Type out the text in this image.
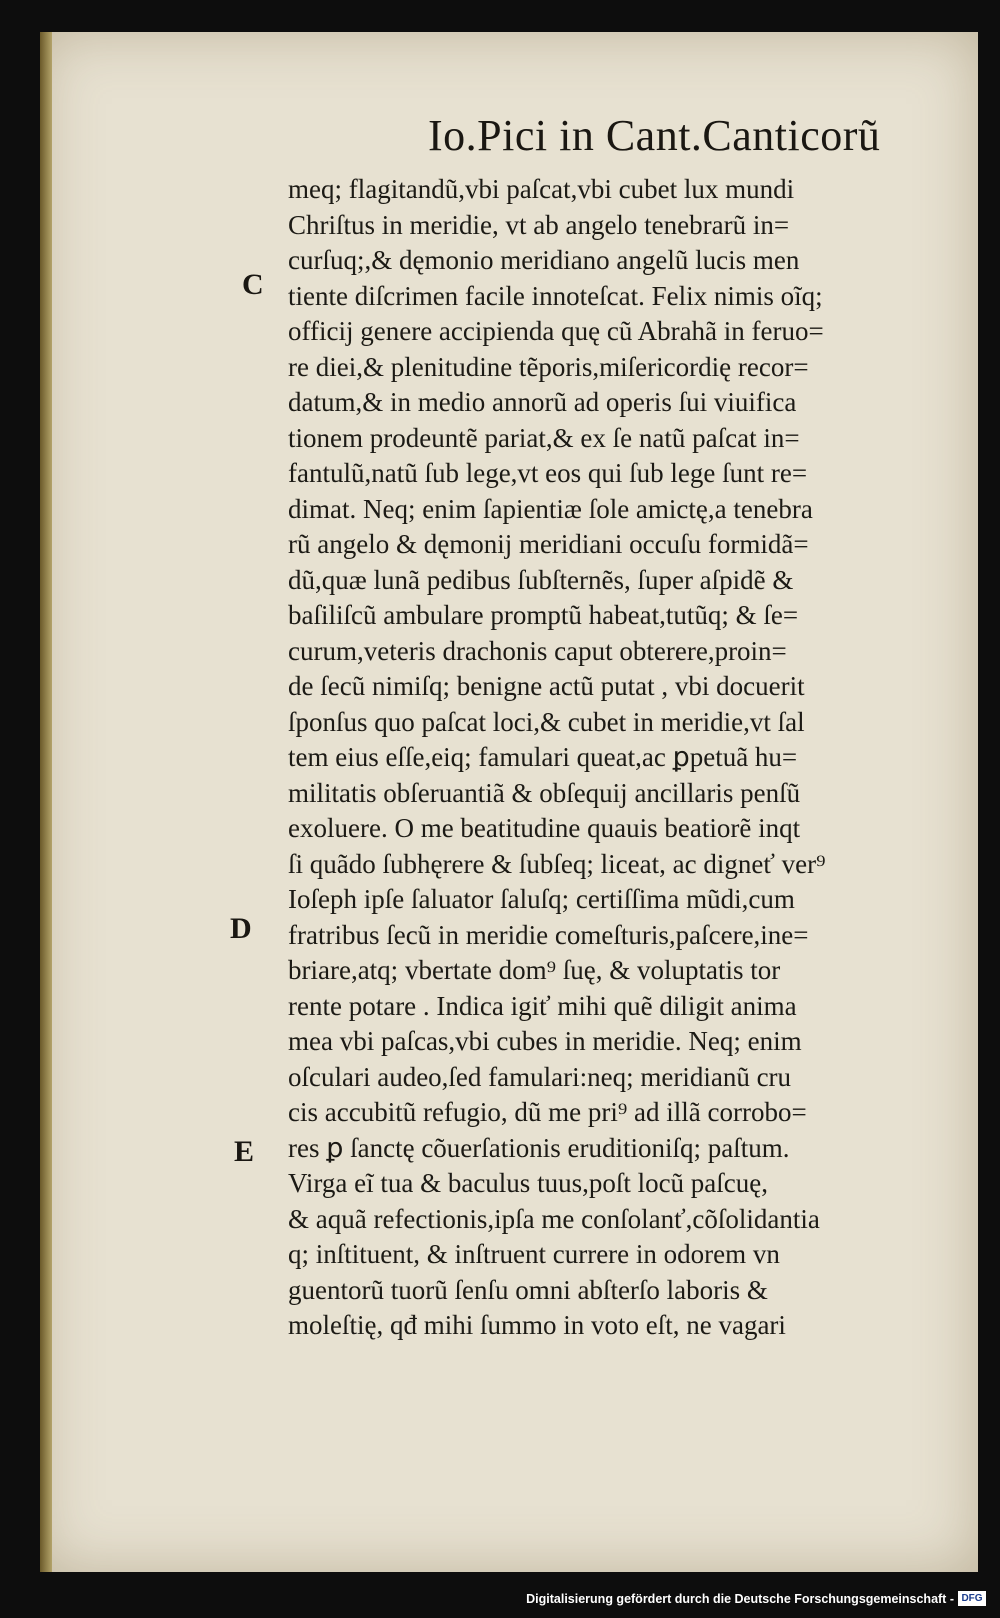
Io.Pici in Cant.Canticorũ
meq; flagitandũ,vbi paſcat,vbi cubet lux mundi
Chriſtus in meridie, vt ab angelo tenebrarũ in=
curſuq;,& dęmonio meridiano angelũ lucis men
tiente diſcrimen facile innoteſcat. Felix nimis oĩq;
officij genere accipienda quę cũ Abrahã in feruo=
re diei,& plenitudine tẽporis,miſericordię recor=
datum,& in medio annorũ ad operis ſui viuifica
tionem prodeuntẽ pariat,& ex ſe natũ paſcat in=
fantulũ,natũ ſub lege,vt eos qui ſub lege ſunt re=
dimat. Neq; enim ſapientiæ ſole amictę,a tenebra
rũ angelo & dęmonij meridiani occuſu formidã=
dũ,quæ lunã pedibus ſubſternẽs, ſuper aſpidẽ &
baſiliſcũ ambulare promptũ habeat,tutũq; & ſe=
curum,veteris drachonis caput obterere,proin=
de ſecũ nimiſq; benigne actũ putat , vbi docuerit
ſponſus quo paſcat loci,& cubet in meridie,vt ſal
tem eius eſſe,eiq; famulari queat,ac ꝑpetuã hu=
militatis obſeruantiã & obſequij ancillaris penſũ
exoluere. O me beatitudine quauis beatiorẽ inqt
ſi quãdo ſubhęrere & ſubſeq; liceat, ac digneť ver⁹
Ioſeph ipſe ſaluator ſaluſq; certiſſima mũdi,cum
fratribus ſecũ in meridie comeſturis,paſcere,ine=
briare,atq; vbertate dom⁹ ſuę, & voluptatis tor
rente potare . Indica igiť mihi quẽ diligit anima
mea vbi paſcas,vbi cubes in meridie. Neq; enim
oſculari audeo,ſed famulari:neq; meridianũ cru
cis accubitũ refugio, dũ me pri⁹ ad illã corrobo=
res ꝑ ſanctę cõuerſationis eruditioniſq; paſtum.
Virga eĩ tua & baculus tuus,poſt locũ paſcuę,
& aquã refectionis,ipſa me conſolanť,cõſolidantia
q; inſtituent, & inſtruent currere in odorem vn
guentorũ tuorũ ſenſu omni abſterſo laboris &
moleſtię, qđ mihi ſummo in voto eſt, ne vagari
C
D
E
Digitalisierung gefördert durch die Deutsche Forschungsgemeinschaft - DFG
